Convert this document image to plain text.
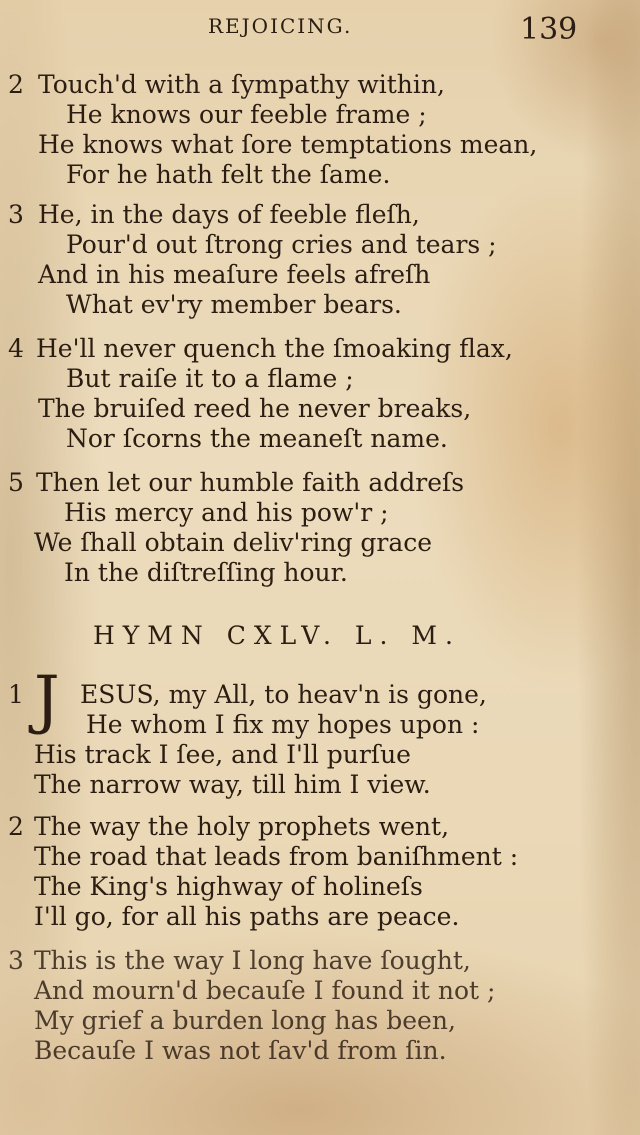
REJOICING.	139
2 Touch'd with a ſympathy within,
He knows our feeble frame ;
He knows what ſore temptations mean,
For he hath felt the ſame.
3 He, in the days of feeble fleſh,
Pour'd out ſtrong cries and tears ;
And in his meaſure feels afreſh
What ev'ry member bears.
4 He'll never quench the ſmoaking flax,
But raiſe it to a flame ;
The bruiſed reed he never breaks,
Nor ſcorns the meaneſt name.
5 Then let our humble faith addreſs
His mercy and his pow'r ;
We ſhall obtain deliv'ring grace
In the diſtreſſing hour.
HYMN CXLV. L. M.
1 J ESUS, my All, to heav'n is gone,
He whom I fix my hopes upon :
His track I ſee, and I'll purſue
The narrow way, till him I view.
2 The way the holy prophets went,
The road that leads from baniſhment :
The King's highway of holineſs
I'll go, for all his paths are peace.
3 This is the way I long have ſought,
And mourn'd becauſe I found it not ;
My grief a burden long has been,
Becauſe I was not ſav'd from ſin.
